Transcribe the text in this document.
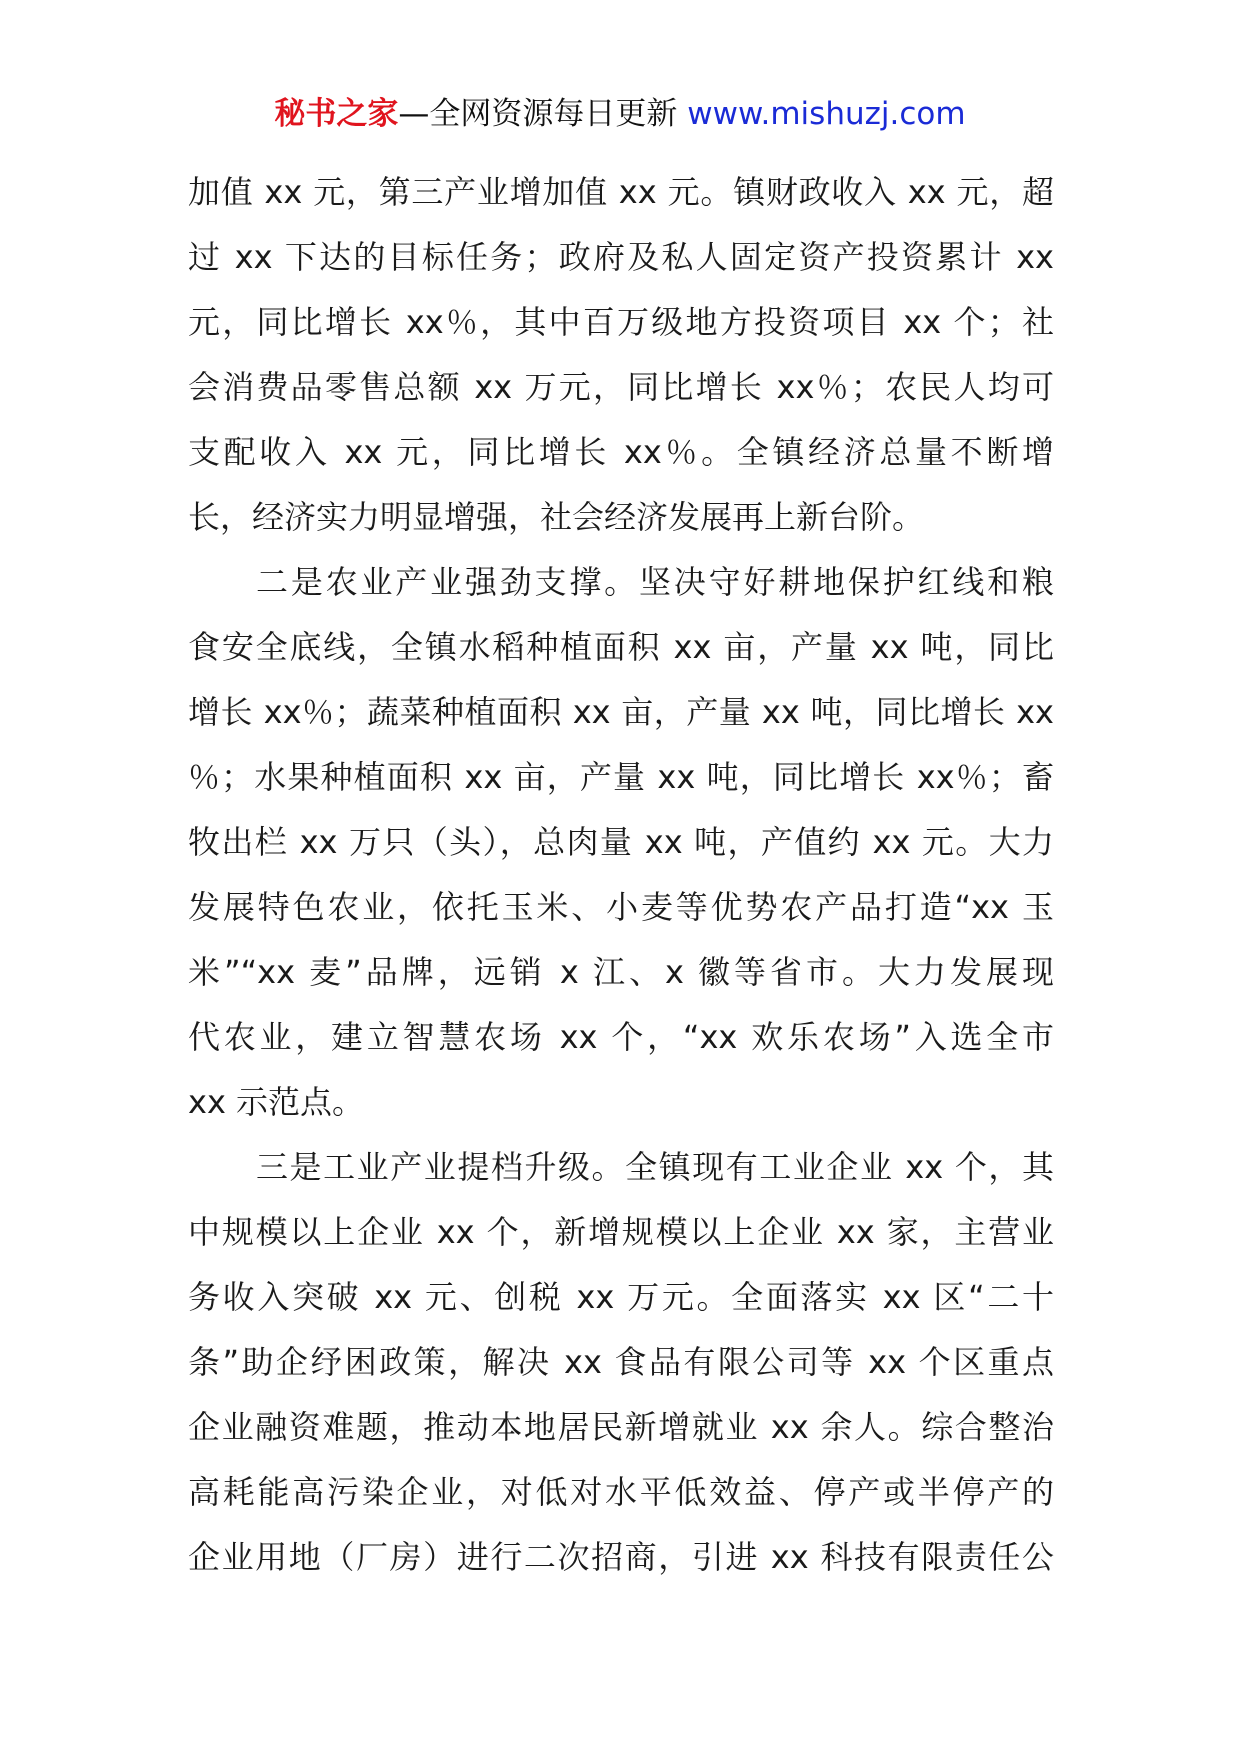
秘书之家—全网资源每日更新 www.mishuzj.com
加值 xx 元，第三产业增加值 xx 元。镇财政收入 xx 元，超
过 xx 下达的目标任务；政府及私人固定资产投资累计 xx
元，同比增长 xx％，其中百万级地方投资项目 xx 个；社
会消费品零售总额 xx 万元，同比增长 xx％；农民人均可
支配收入 xx 元，同比增长 xx％。全镇经济总量不断增
长，经济实力明显增强，社会经济发展再上新台阶。
二是农业产业强劲支撑。坚决守好耕地保护红线和粮
食安全底线，全镇水稻种植面积 xx 亩，产量 xx 吨，同比
增长 xx％；蔬菜种植面积 xx 亩，产量 xx 吨，同比增长 xx
％；水果种植面积 xx 亩，产量 xx 吨，同比增长 xx％；畜
牧出栏 xx 万只（头），总肉量 xx 吨，产值约 xx 元。大力
发展特色农业，依托玉米、小麦等优势农产品打造“xx 玉
米”“xx 麦”品牌，远销 x 江、x 徽等省市。大力发展现
代农业，建立智慧农场 xx 个，“xx 欢乐农场”入选全市
xx 示范点。
三是工业产业提档升级。全镇现有工业企业 xx 个，其
中规模以上企业 xx 个，新增规模以上企业 xx 家，主营业
务收入突破 xx 元、创税 xx 万元。全面落实 xx 区“二十
条”助企纾困政策，解决 xx 食品有限公司等 xx 个区重点
企业融资难题，推动本地居民新增就业 xx 余人。综合整治
高耗能高污染企业，对低对水平低效益、停产或半停产的
企业用地（厂房）进行二次招商，引进 xx 科技有限责任公
